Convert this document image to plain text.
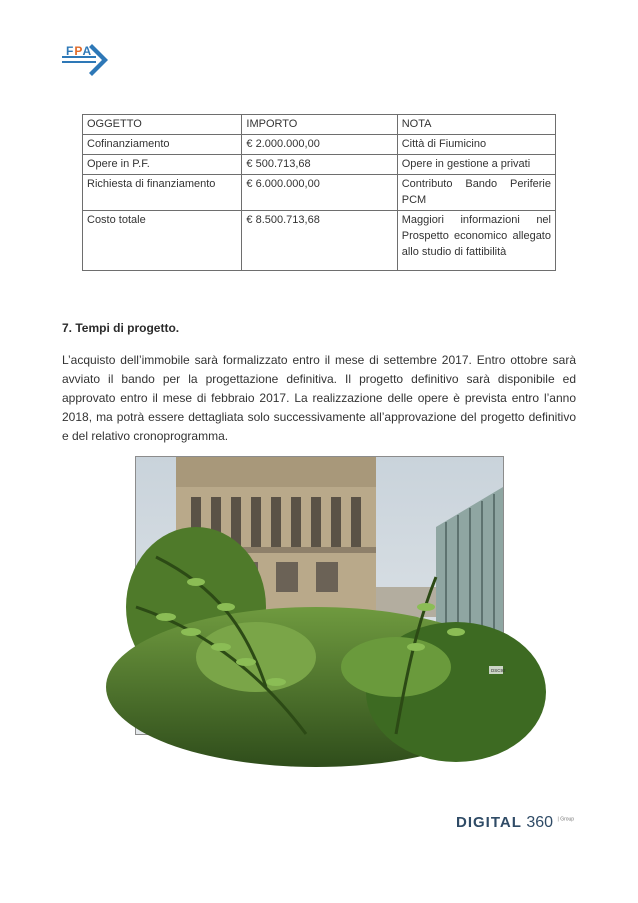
FPA
OGGETTO	IMPORTO	NOTA
Cofinanziamento	€ 2.000.000,00	Città di Fiumicino
Opere in P.F.	€ 500.713,68	Opere in gestione a privati
Richiesta di finanziamento	€ 6.000.000,00	Contributo Bando Periferie PCM
Costo totale	€ 8.500.713,68	Maggiori informazioni nel Prospetto economico allegato allo studio di fattibilità
7. Tempi di progetto.
L’acquisto dell’immobile sarà formalizzato entro il mese di settembre 2017. Entro ottobre sarà avviato il bando per la progettazione definitiva. Il progetto definitivo sarà disponibile ed approvato entro il mese di febbraio 2017. La realizzazione delle opere è prevista entro l’anno 2018, ma potrà essere dettagliata solo successivamente all’approvazione del progetto definitivo e del relativo cronoprogramma.
DSC92
DIGITAL 360 $^{| Group}$
